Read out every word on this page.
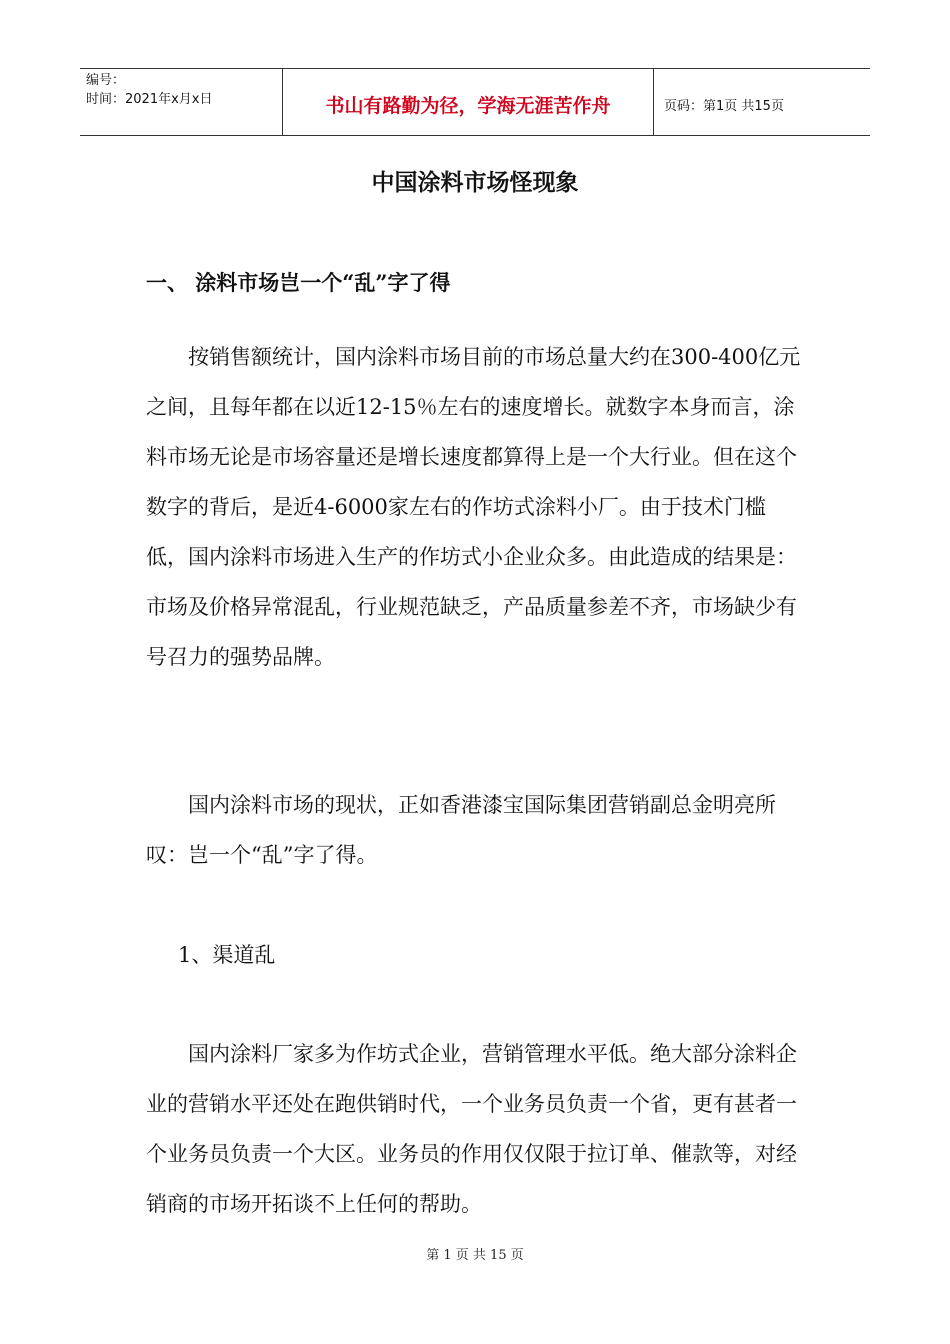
编号：
时间：2021年x月x日	书山有路勤为径，学海无涯苦作舟	页码：第1页 共15页
中国涂料市场怪现象
一、 涂料市场岂一个“乱”字了得

按销售额统计，国内涂料市场目前的市场总量大约在300-400亿元之间，且每年都在以近12-15％左右的速度增长。就数字本身而言，涂料市场无论是市场容量还是增长速度都算得上是一个大行业。但在这个数字的背后，是近4-6000家左右的作坊式涂料小厂。由于技术门槛低，国内涂料市场进入生产的作坊式小企业众多。由此造成的结果是：市场及价格异常混乱，行业规范缺乏，产品质量参差不齐，市场缺少有号召力的强势品牌。

国内涂料市场的现状，正如香港漆宝国际集团营销副总金明亮所叹：岂一个“乱”字了得。

1、渠道乱

国内涂料厂家多为作坊式企业，营销管理水平低。绝大部分涂料企业的营销水平还处在跑供销时代，一个业务员负责一个省，更有甚者一个业务员负责一个大区。业务员的作用仅仅限于拉订单、催款等，对经销商的市场开拓谈不上任何的帮助。

第 1 页 共 15 页
